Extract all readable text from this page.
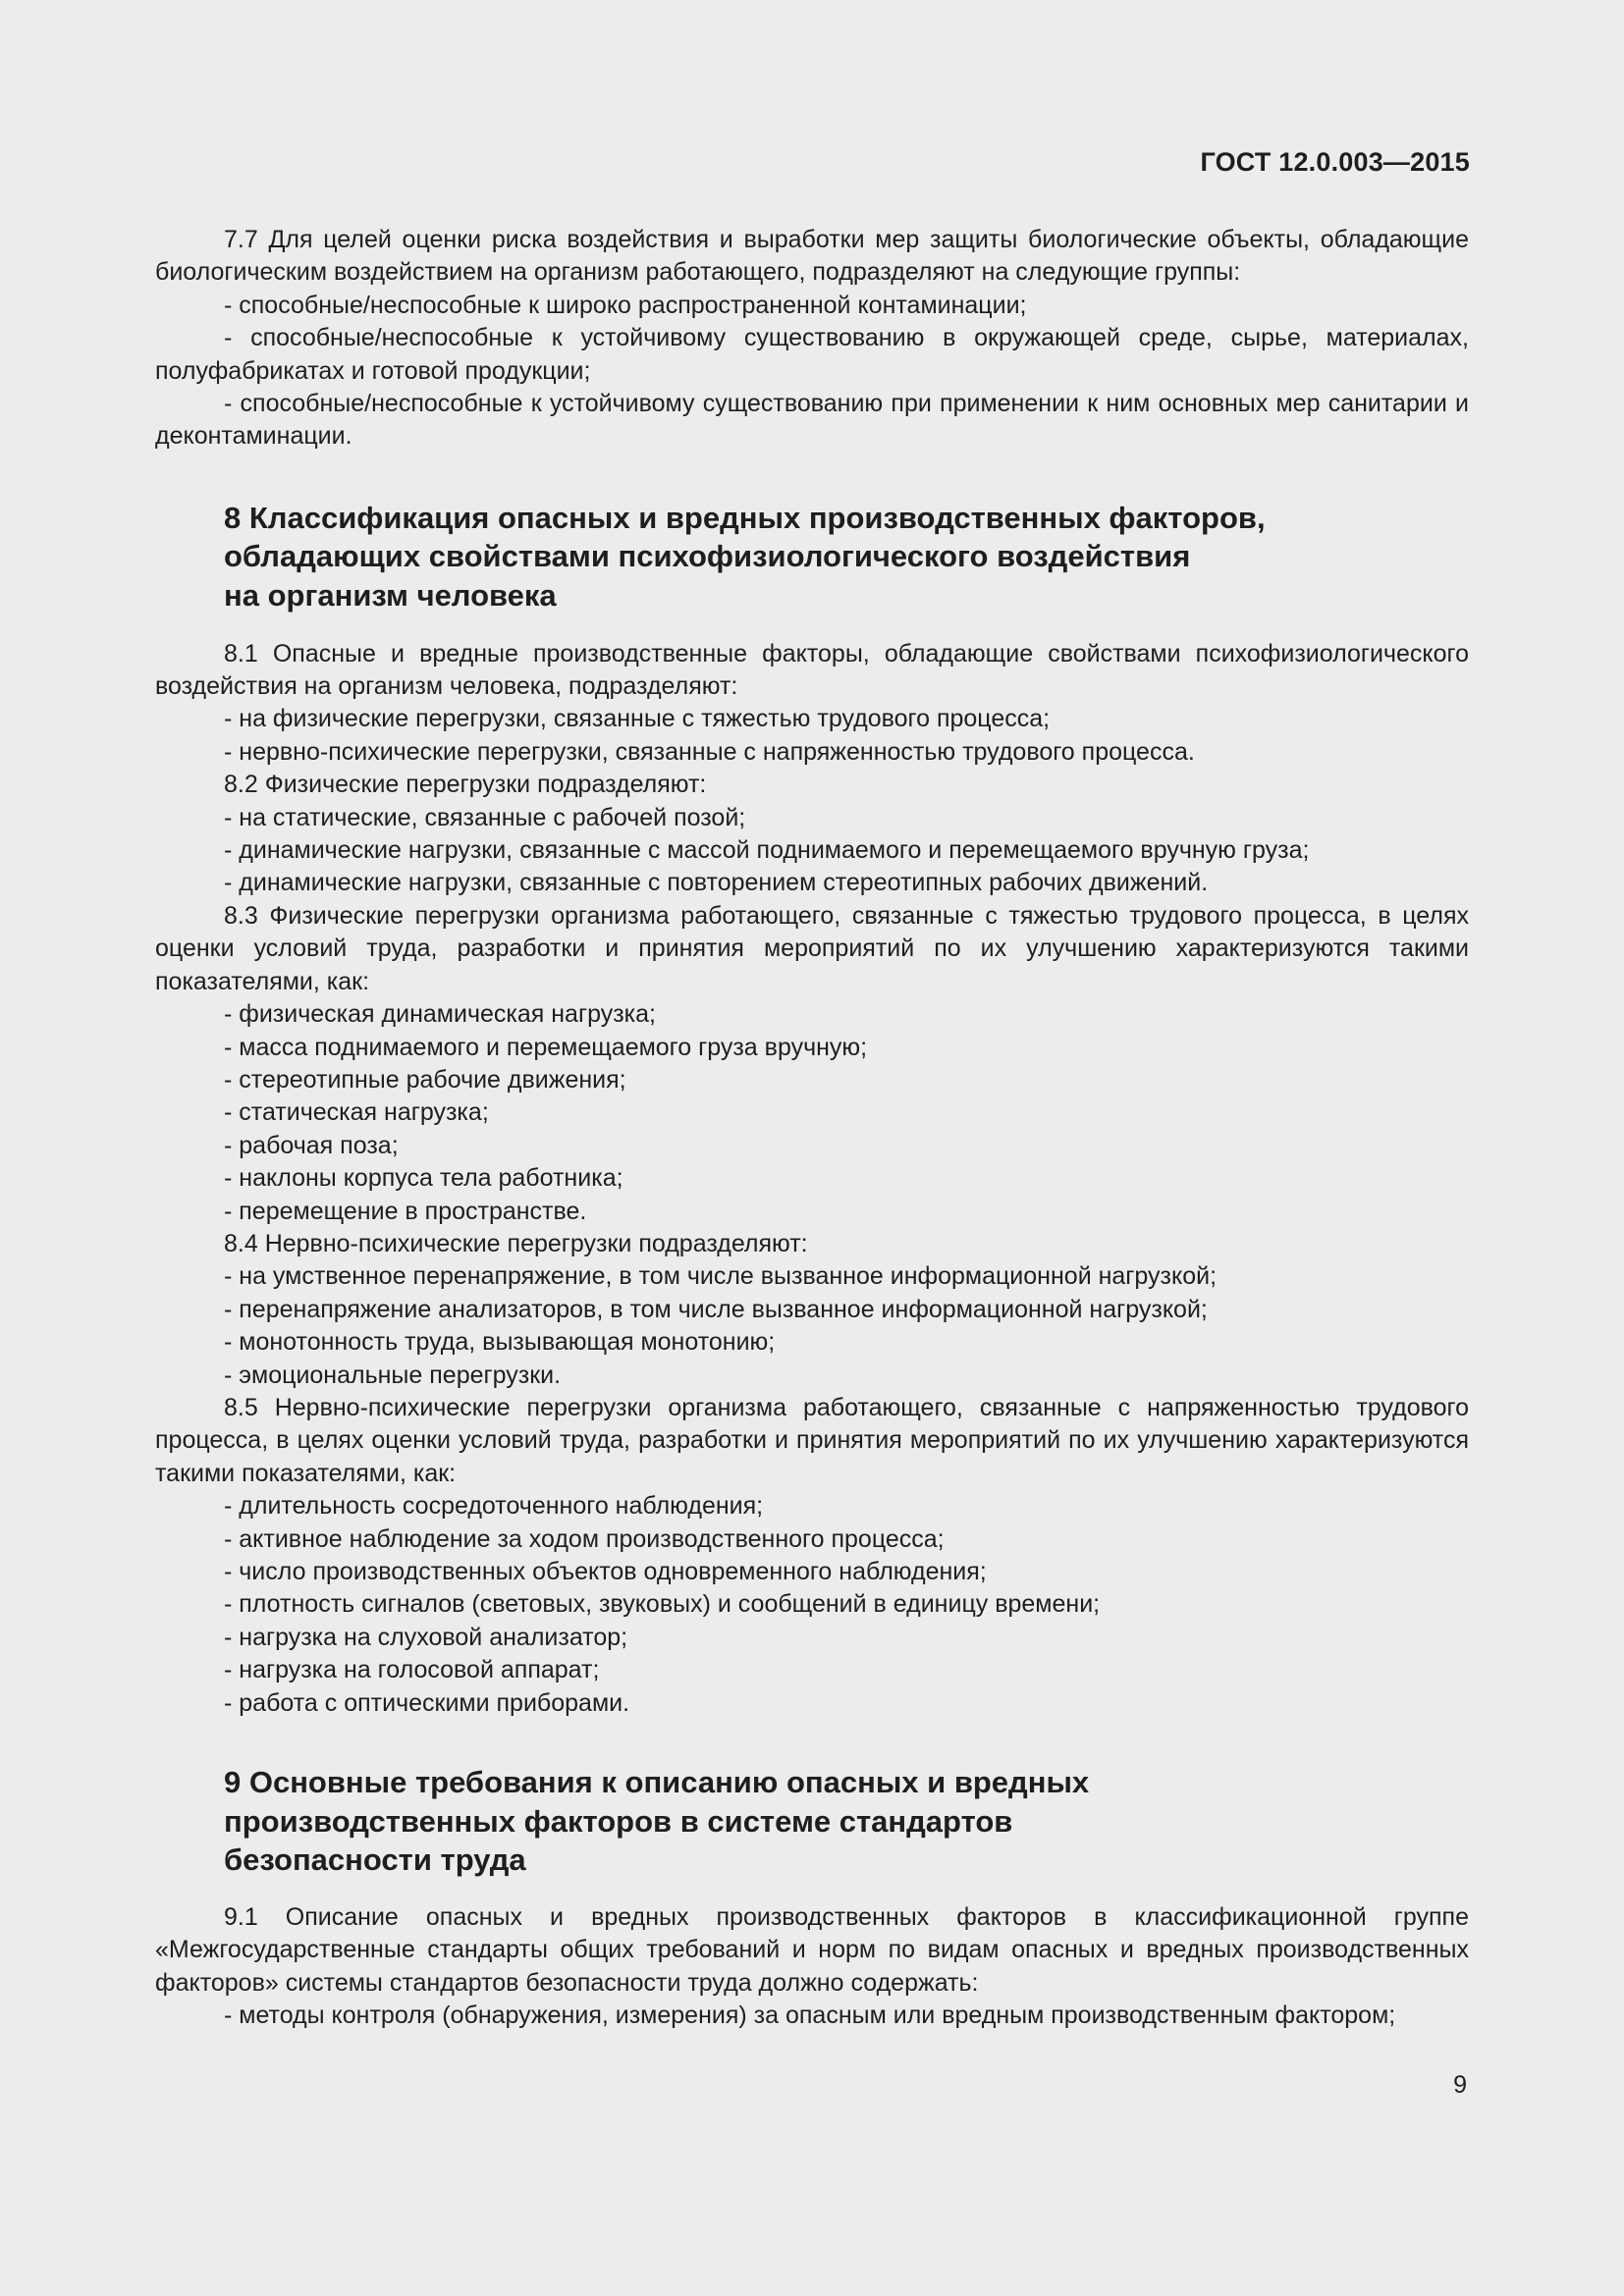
ГОСТ 12.0.003—2015

7.7 Для целей оценки риска воздействия и выработки мер защиты биологические объекты, обладающие биологическим воздействием на организм работающего, подразделяют на следующие группы:

- способные/неспособные к широко распространенной контаминации;

- способные/неспособные к устойчивому существованию в окружающей среде, сырье, материалах, полуфабрикатах и готовой продукции;

- способные/неспособные к устойчивому существованию при применении к ним основных мер санитарии и деконтаминации.

8 Классификация опасных и вредных производственных факторов,
обладающих свойствами психофизиологического воздействия
на организм человека

8.1 Опасные и вредные производственные факторы, обладающие свойствами психофизиологического воздействия на организм человека, подразделяют:

- на физические перегрузки, связанные с тяжестью трудового процесса;

- нервно-психические перегрузки, связанные с напряженностью трудового процесса.

8.2 Физические перегрузки подразделяют:

- на статические, связанные с рабочей позой;

- динамические нагрузки, связанные с массой поднимаемого и перемещаемого вручную груза;

- динамические нагрузки, связанные с повторением стереотипных рабочих движений.

8.3 Физические перегрузки организма работающего, связанные с тяжестью трудового процесса, в целях оценки условий труда, разработки и принятия мероприятий по их улучшению характеризуются такими показателями, как:

- физическая динамическая нагрузка;

- масса поднимаемого и перемещаемого груза вручную;

- стереотипные рабочие движения;

- статическая нагрузка;

- рабочая поза;

- наклоны корпуса тела работника;

- перемещение в пространстве.

8.4 Нервно-психические перегрузки подразделяют:

- на умственное перенапряжение, в том числе вызванное информационной нагрузкой;

- перенапряжение анализаторов, в том числе вызванное информационной нагрузкой;

- монотонность труда, вызывающая монотонию;

- эмоциональные перегрузки.

8.5 Нервно-психические перегрузки организма работающего, связанные с напряженностью трудового процесса, в целях оценки условий труда, разработки и принятия мероприятий по их улучшению характеризуются такими показателями, как:

- длительность сосредоточенного наблюдения;

- активное наблюдение за ходом производственного процесса;

- число производственных объектов одновременного наблюдения;

- плотность сигналов (световых, звуковых) и сообщений в единицу времени;

- нагрузка на слуховой анализатор;

- нагрузка на голосовой аппарат;

- работа с оптическими приборами.

9 Основные требования к описанию опасных и вредных
производственных факторов в системе стандартов
безопасности труда

9.1 Описание опасных и вредных производственных факторов в классификационной группе «Межгосударственные стандарты общих требований и норм по видам опасных и вредных производственных факторов» системы стандартов безопасности труда должно содержать:

- методы контроля (обнаружения, измерения) за опасным или вредным производственным фактором;

9
